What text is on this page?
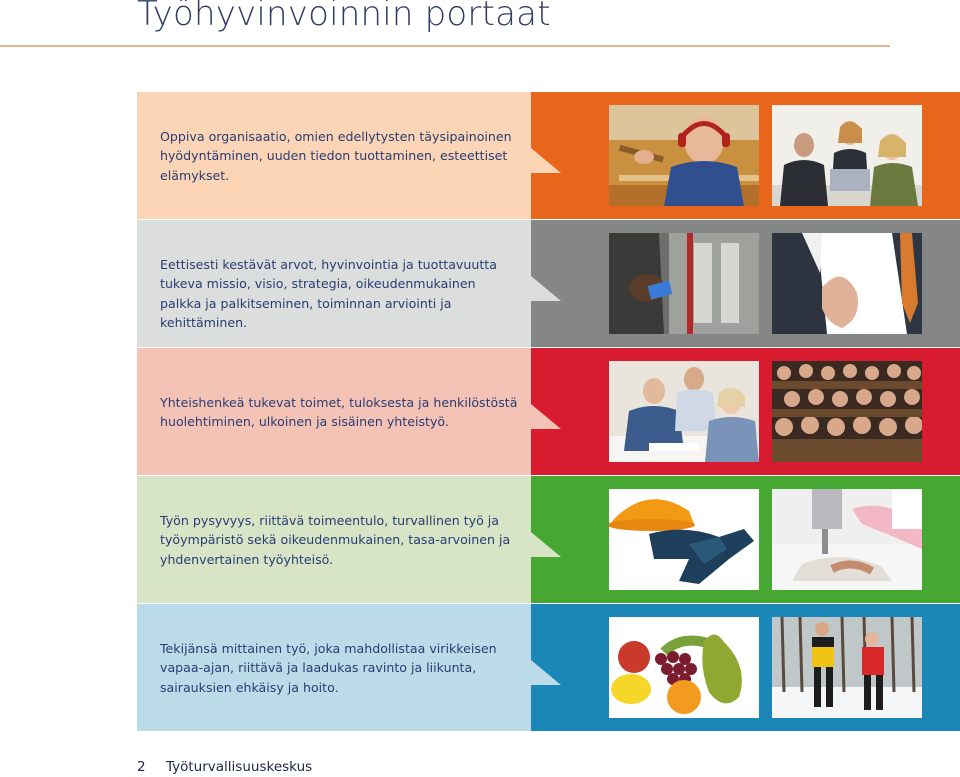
Työhyvinvoinnin portaat
Oppiva organisaatio, omien edellytysten täysipainoinen hyödyntäminen, uuden tiedon tuottaminen, esteettiset elämykset.
Eettisesti kestävät arvot, hyvinvointia ja tuottavuutta tukeva missio, visio, strategia, oikeudenmukainen palkka ja palkitseminen, toiminnan arviointi ja kehittäminen.
Yhteishenkeä tukevat toimet, tuloksesta ja henkilöstöstä huolehtiminen, ulkoinen ja sisäinen yhteistyö.
Työn pysyvyys, riittävä toimeentulo, turvallinen työ ja työympäristö sekä oikeudenmukainen, tasa-arvoinen ja yhdenvertainen työyhteisö.
Tekijänsä mittainen työ, joka mahdollistaa virikkeisen vapaa-ajan, riittävä ja laadukas ravinto ja liikunta, sairauksien ehkäisy ja hoito.
2 Työturvallisuuskeskus
